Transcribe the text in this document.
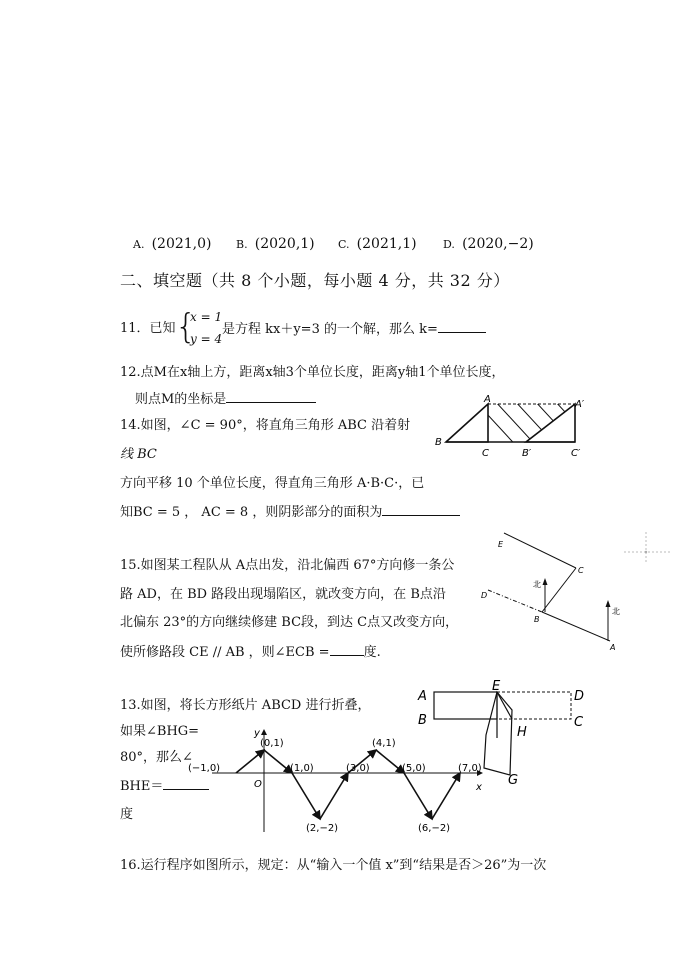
A. (2021,0) B. (2020,1) C. (2021,1) D. (2020,−2)
二、填空题（共 8 个小题，每小题 4 分，共 32 分）
11．已知 {
x = 1
y = 4
是方程 kx＋y=3 的一个解，那么 k=
12.点M在x轴上方，距离x轴3个单位长度，距离y轴1个单位长度，
则点M的坐标是
14.如图，∠C = 90°，将直角三角形 ABC 沿着射
线 BC
方向平移 10 个单位长度，得直角三角形 A·B·C·，已
知BC = 5 ， AC = 8 ，则阴影部分的面积为
A	A′
B
C	B′	C′
15.如图某工程队从 A点出发，沿北偏西 67°方向修一条公
路 AD，在 BD 路段出现塌陷区，就改变方向，在 B点沿
北偏东 23°的方向继续修建 BC段，到达 C点又改变方向，
使所修路段 CE // AB ，则∠ECB =	度.
E
C
D
B
A
北
北
13.如图，将长方形纸片 ABCD 进行折叠，
如果∠BHG=
80°，那么∠
BHE＝
度
A
B
E
D
C
H
G
y
x
O
(−1,0)
(0,1)
(1,0)
(2,−2)
(3,0)
(4,1)
(5,0)
(6,−2)
(7,0)
16.运行程序如图所示，规定：从“输入一个值 x”到“结果是否＞26”为一次
